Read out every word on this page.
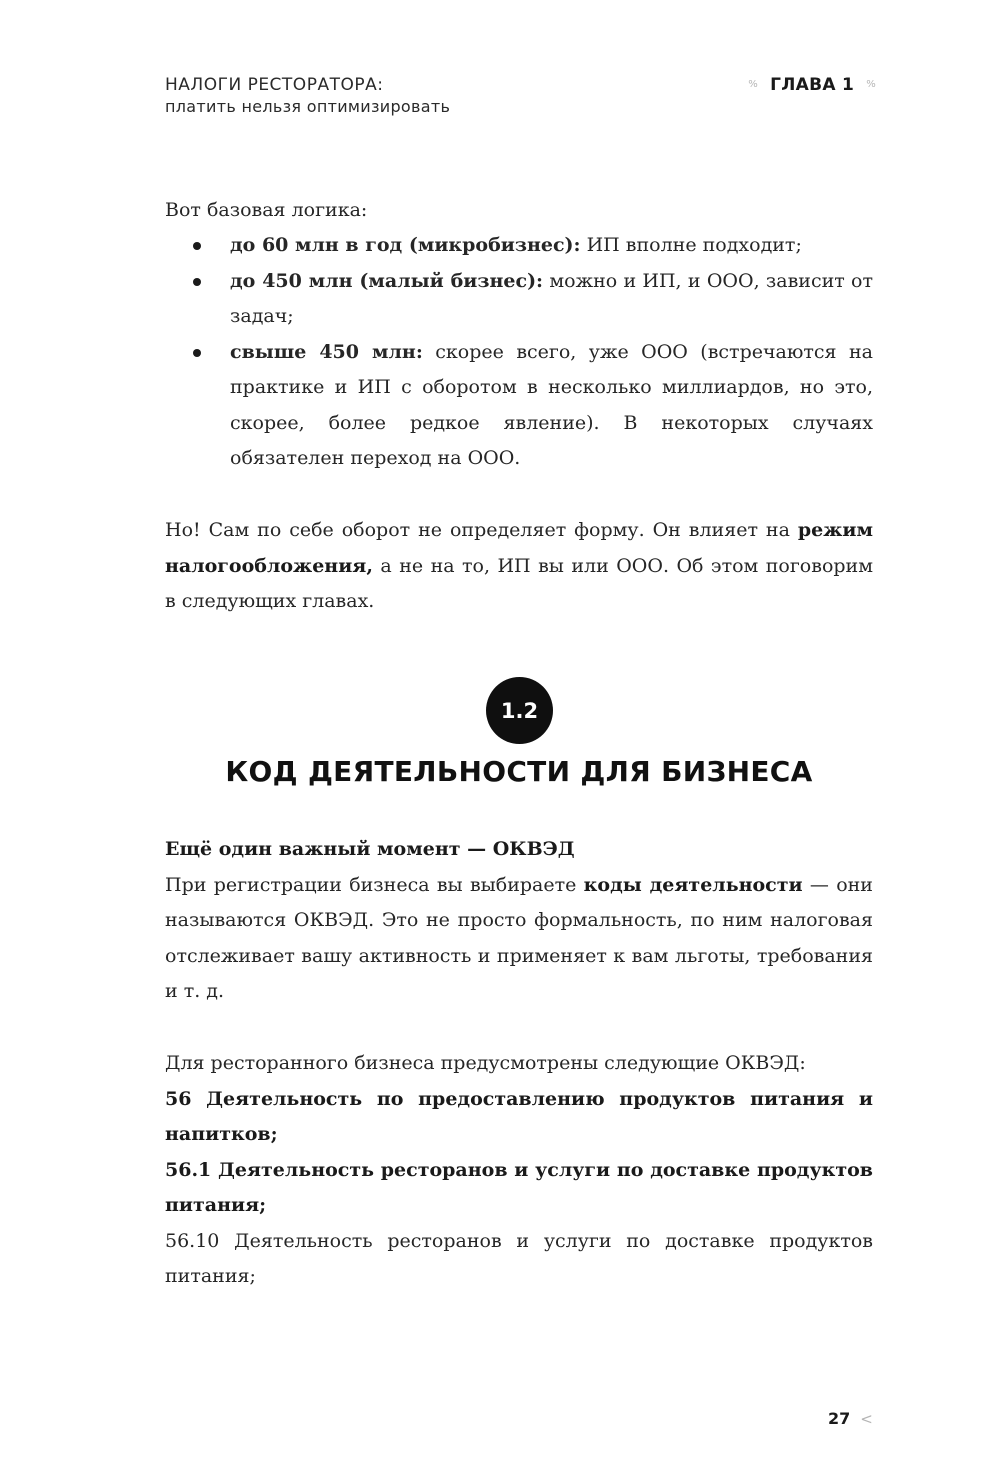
НАЛОГИ РЕСТОРАТОРА:
платить нельзя оптимизировать
% ГЛАВА 1 %
Вот базовая логика:
до 60 млн в год (микробизнес): ИП вполне подходит;
до 450 млн (малый бизнес): можно и ИП, и ООО, зависит от задач;
свыше 450 млн: скорее всего, уже ООО (встречаются на практике и ИП с оборотом в несколько миллиардов, но это, скорее, более редкое явление). В некоторых случаях обязателен переход на ООО.
Но! Сам по себе оборот не определяет форму. Он влияет на режим налогообложения, а не на то, ИП вы или ООО. Об этом поговорим в следующих главах.
1.2
КОД ДЕЯТЕЛЬНОСТИ ДЛЯ БИЗНЕСА
Ещё один важный момент — ОКВЭД
При регистрации бизнеса вы выбираете коды деятельности — они называются ОКВЭД. Это не просто формальность, по ним налоговая отслеживает вашу активность и применяет к вам льготы, требования и т. д.
Для ресторанного бизнеса предусмотрены следующие ОКВЭД:
56 Деятельность по предоставлению продуктов питания и напитков;
56.1 Деятельность ресторанов и услуги по доставке продуктов питания;
56.10 Деятельность ресторанов и услуги по доставке продуктов питания;
27 <
